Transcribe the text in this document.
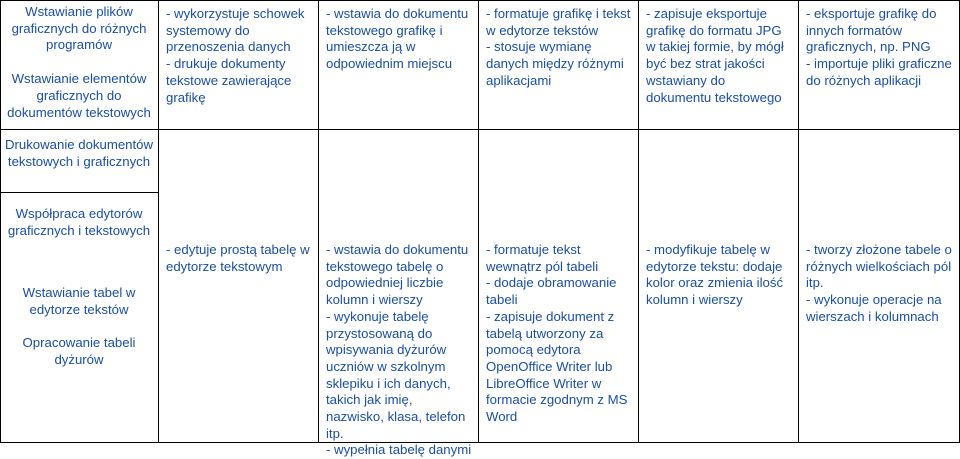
Wstawianie plików graficznych do różnych programów

Wstawianie elementów graficznych do dokumentów tekstowych

- wykorzystuje schowek systemowy do przenoszenia danych
- drukuje dokumenty tekstowe zawierające grafikę
- wstawia do dokumentu tekstowego grafikę i umieszcza ją w odpowiednim miejscu
- formatuje grafikę i tekst w edytorze tekstów
- stosuje wymianę danych między różnymi aplikacjami
- zapisuje eksportuje grafikę do formatu JPG w takiej formie, by mógł być bez strat jakości wstawiany do dokumentu tekstowego
- eksportuje grafikę do innych formatów graficznych, np. PNG
- importuje pliki graficzne do różnych aplikacji

Drukowanie dokumentów tekstowych i graficznych

Współpraca edytorów graficznych i tekstowych

Wstawianie tabel w edytorze tekstów

Opracowanie tabeli dyżurów

- edytuje prostą tabelę w edytorze tekstowym
- wstawia do dokumentu tekstowego tabelę o odpowiedniej liczbie kolumn i wierszy
- wykonuje tabelę przystosowaną do wpisywania dyżurów uczniów w szkolnym sklepiku i ich danych, takich jak imię, nazwisko, klasa, telefon itp.
- wypełnia tabelę danymi
- formatuje tekst wewnątrz pól tabeli
- dodaje obramowanie tabeli
- zapisuje dokument z tabelą utworzony za pomocą edytora OpenOffice Writer lub LibreOffice Writer w formacie zgodnym z MS Word
- modyfikuje tabelę w edytorze tekstu: dodaje kolor oraz zmienia ilość kolumn i wierszy
- tworzy złożone tabele o różnych wielkościach pól itp.
- wykonuje operacje na wierszach i kolumnach
